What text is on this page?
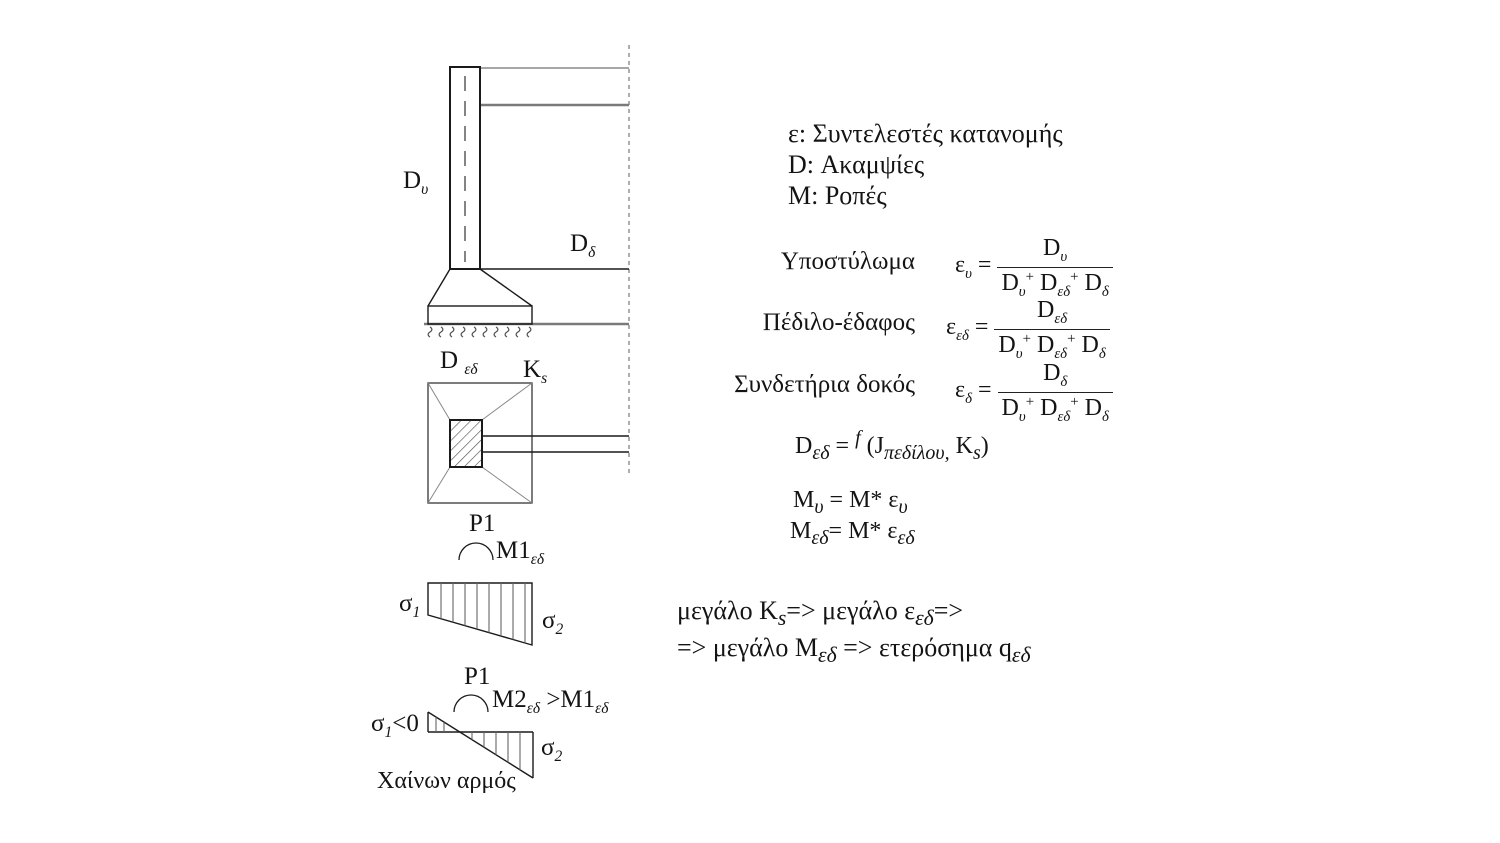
$D_\upsilon$
$D_\delta$
D $_{\varepsilon\delta}$ $K_s$
P1
$M1_{\varepsilon\delta}$
$\sigma_1$	$\sigma_2$
P1
$M2_{\varepsilon\delta} >M1_{\varepsilon\delta}$
$\sigma_1<0$
$\sigma_2$
Χαίνων αρμός
ε: Συντελεστές κατανομής
D: Ακαμψίες
M: Ροπές
Υποστύλωμα $\varepsilon_\upsilon = \frac{D_\upsilon}{D_\upsilon^+ D_{\varepsilon\delta}^+ D_\delta}$
Πέδιλο-έδαφος $\varepsilon_{\varepsilon\delta} = \frac{D_{\varepsilon\delta}}{D_\upsilon^+ D_{\varepsilon\delta}^+ D_\delta}$
Συνδετήρια δοκός $\varepsilon_\delta = \frac{D_\delta}{D_\upsilon^+ D_{\varepsilon\delta}^+ D_\delta}$
$D_{\varepsilon\delta} = ^f$ ($J_{\pi\varepsilon\delta ί\lambda o\upsilon,}$ $K_s$)
$M_\upsilon = M*$ $\varepsilon_\upsilon$
$M_{\varepsilon\delta}= M*$ $\varepsilon_{\varepsilon\delta}$
μεγάλο $K_s=> \mu\varepsilon\gamma ά\lambda o$ $\varepsilon_{\varepsilon\delta}=>$
=> μεγάλο $M_{\varepsilon\delta} => \varepsilon\tau\varepsilon\rho ό\sigma\eta\mu\alpha$ $q_{\varepsilon\delta}$
